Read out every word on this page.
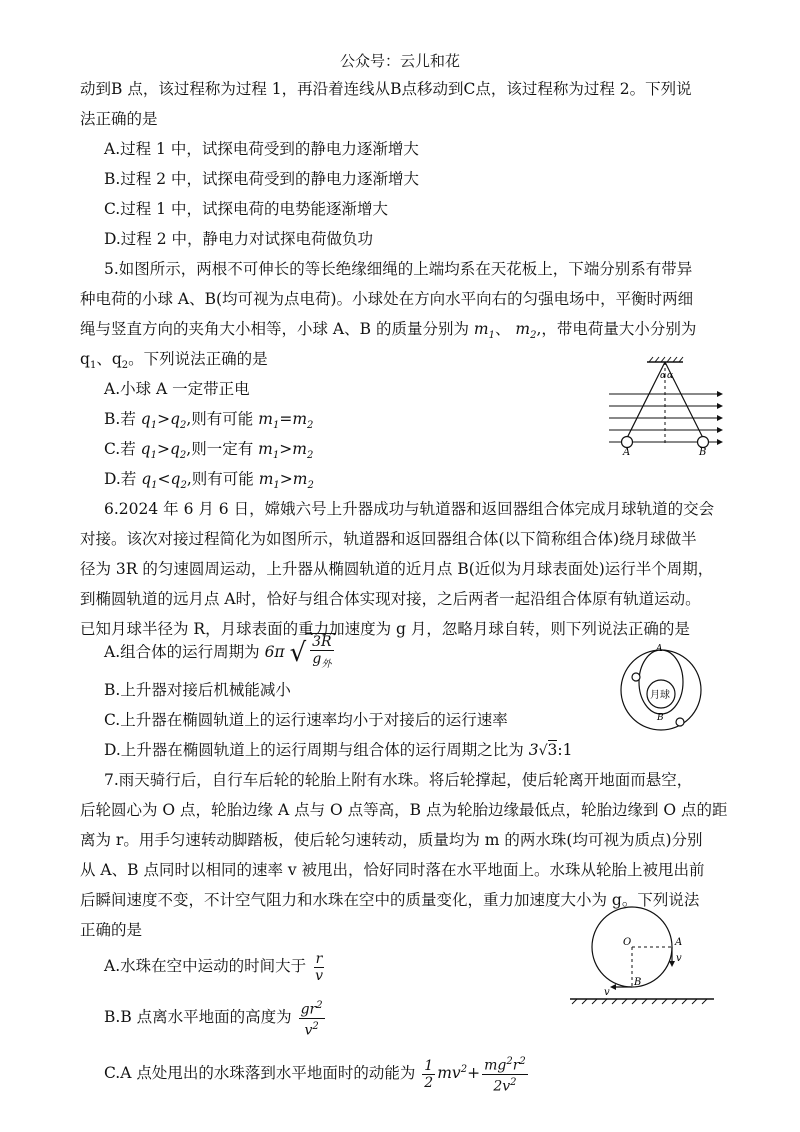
公众号：云儿和花
动到B 点，该过程称为过程 1，再沿着连线从B点移动到C点，该过程称为过程 2。下列说
法正确的是
A.过程 1 中，试探电荷受到的静电力逐渐增大
B.过程 2 中，试探电荷受到的静电力逐渐增大
C.过程 1 中，试探电荷的电势能逐渐增大
D.过程 2 中，静电力对试探电荷做负功
5.如图所示，两根不可伸长的等长绝缘细绳的上端均系在天花板上，下端分别系有带异
种电荷的小球 A、B(均可视为点电荷)。小球处在方向水平向右的匀强电场中，平衡时两细
绳与竖直方向的夹角大小相等，小球 A、B 的质量分别为 $m_1$、 $m_2$,，带电荷量大小分别为
$q_1$、$q_2$。下列说法正确的是
A.小球 A 一定带正电
B.若 $q_1>q_2$,则有可能 $m_1=m_2$
C.若 $q_1>q_2$,则一定有 $m_1>m_2$
D.若 $q_1<q_2$,则有可能 $m_1>m_2$
α α
A	B
6.2024 年 6 月 6 日，嫦娥六号上升器成功与轨道器和返回器组合体完成月球轨道的交会
对接。该次对接过程简化为如图所示，轨道器和返回器组合体(以下简称组合体)绕月球做半
径为 3R 的匀速圆周运动，上升器从椭圆轨道的近月点 B(近似为月球表面处)运行半个周期，
到椭圆轨道的远月点 A时，恰好与组合体实现对接，之后两者一起沿组合体原有轨道运动。
已知月球半径为 R，月球表面的重力加速度为 g 月，忽略月球自转，则下列说法正确的是
A.组合体的运行周期为 6π √ $\frac{3R}{g_外}$
B.上升器对接后机械能减小
C.上升器在椭圆轨道上的运行速率均小于对接后的运行速率
D.上升器在椭圆轨道上的运行周期与组合体的运行周期之比为 3√3:1
A
月球
B
7.雨天骑行后，自行车后轮的轮胎上附有水珠。将后轮撑起，使后轮离开地面而悬空，
后轮圆心为 O 点，轮胎边缘 A 点与 O 点等高，B 点为轮胎边缘最低点，轮胎边缘到 O 点的距
离为 r。用手匀速转动脚踏板，使后轮匀速转动，质量均为 m 的两水珠(均可视为质点)分别
从 A、B 点同时以相同的速率 v 被甩出，恰好同时落在水平地面上。水珠从轮胎上被甩出前
后瞬间速度不变，不计空气阻力和水珠在空中的质量变化，重力加速度大小为 g。下列说法
正确的是
A.水珠在空中运动的时间大于 $\frac{r}{v}$
B.B 点离水平地面的高度为 $\frac{gr^2}{v^2}$
C.A 点处甩出的水珠落到水平地面时的动能为 $\frac{1}{2} mv^2+ \frac{mg^2r^2}{2v^2}$
O	A
v
B
v
